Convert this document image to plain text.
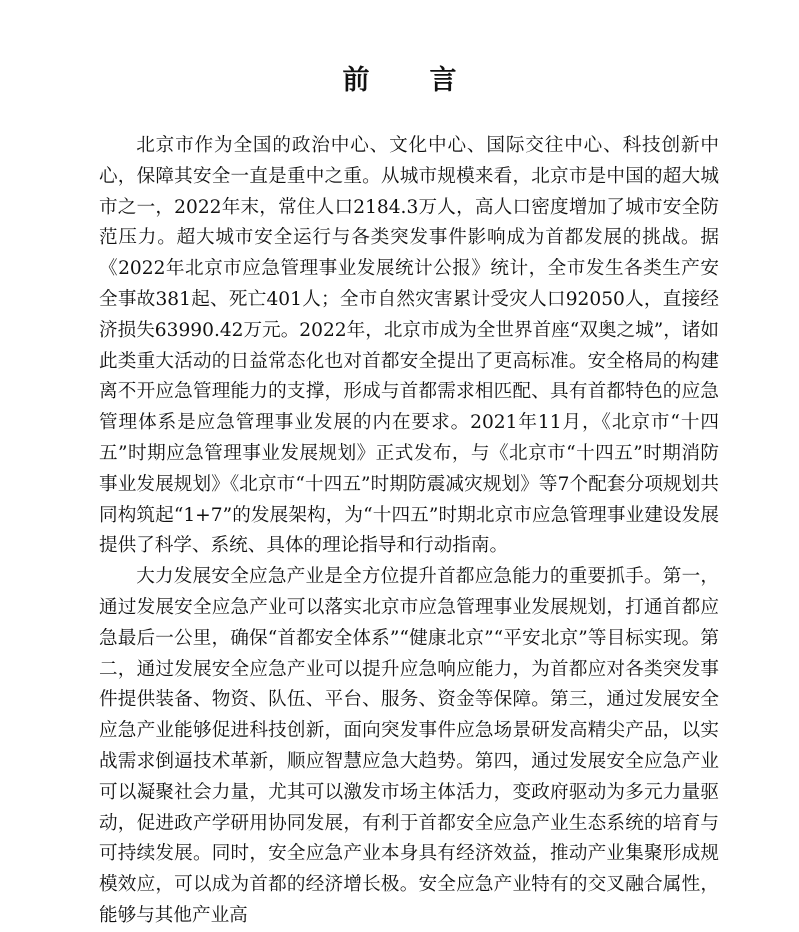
前言

北京市作为全国的政治中心、文化中心、国际交往中心、科技创新中心，保障其安全一直是重中之重。从城市规模来看，北京市是中国的超大城市之一，2022年末，常住人口2184.3万人，高人口密度增加了城市安全防范压力。超大城市安全运行与各类突发事件影响成为首都发展的挑战。据《2022年北京市应急管理事业发展统计公报》统计，全市发生各类生产安全事故381起、死亡401人；全市自然灾害累计受灾人口92050人，直接经济损失63990.42万元。2022年，北京市成为全世界首座“双奥之城”，诸如此类重大活动的日益常态化也对首都安全提出了更高标准。安全格局的构建离不开应急管理能力的支撑，形成与首都需求相匹配、具有首都特色的应急管理体系是应急管理事业发展的内在要求。2021年11月，《北京市“十四五”时期应急管理事业发展规划》正式发布，与《北京市“十四五”时期消防事业发展规划》《北京市“十四五”时期防震减灾规划》等7个配套分项规划共同构筑起“1+7”的发展架构，为“十四五”时期北京市应急管理事业建设发展提供了科学、系统、具体的理论指导和行动指南。

大力发展安全应急产业是全方位提升首都应急能力的重要抓手。第一，通过发展安全应急产业可以落实北京市应急管理事业发展规划，打通首都应急最后一公里，确保“首都安全体系”“健康北京”“平安北京”等目标实现。第二，通过发展安全应急产业可以提升应急响应能力，为首都应对各类突发事件提供装备、物资、队伍、平台、服务、资金等保障。第三，通过发展安全应急产业能够促进科技创新，面向突发事件应急场景研发高精尖产品，以实战需求倒逼技术革新，顺应智慧应急大趋势。第四，通过发展安全应急产业可以凝聚社会力量，尤其可以激发市场主体活力，变政府驱动为多元力量驱动，促进政产学研用协同发展，有利于首都安全应急产业生态系统的培育与可持续发展。同时，安全应急产业本身具有经济效益，推动产业集聚形成规模效应，可以成为首都的经济增长极。安全应急产业特有的交叉融合属性，能够与其他产业高
